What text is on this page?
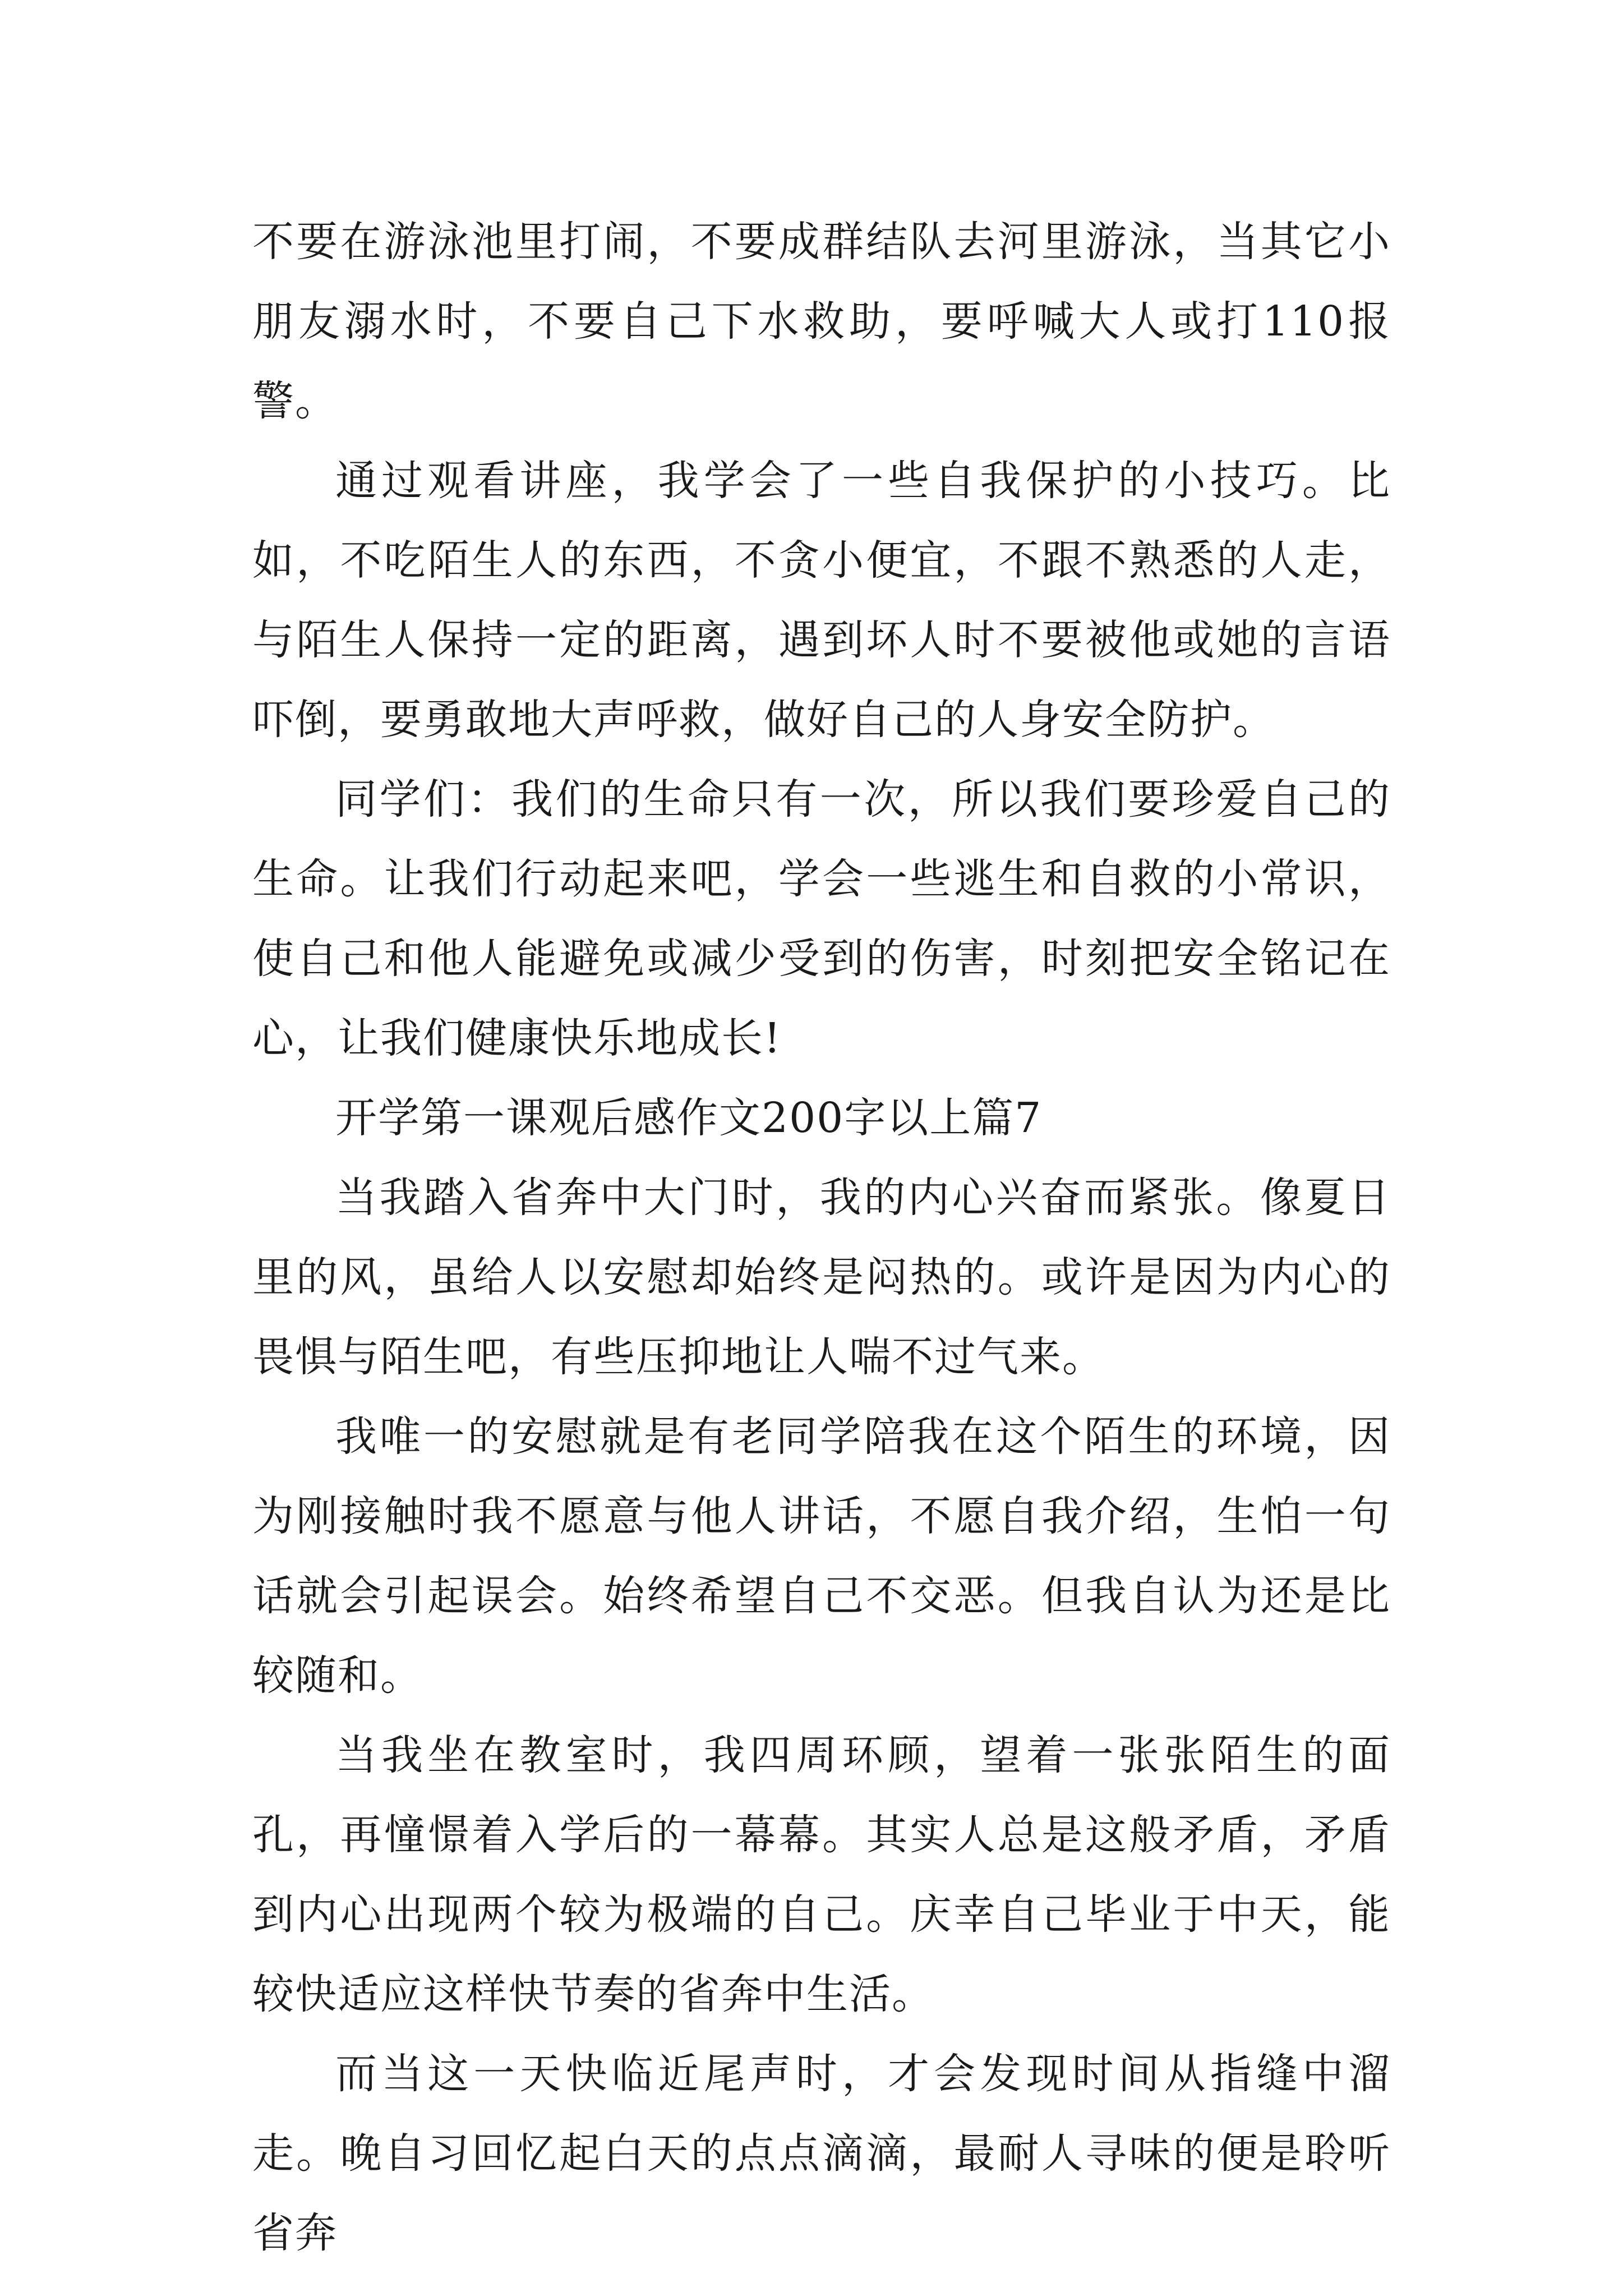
不要在游泳池里打闹，不要成群结队去河里游泳，当其它小朋友溺水时，不要自己下水救助，要呼喊大人或打110报警。

通过观看讲座，我学会了一些自我保护的小技巧。比如，不吃陌生人的东西，不贪小便宜，不跟不熟悉的人走，与陌生人保持一定的距离，遇到坏人时不要被他或她的言语吓倒，要勇敢地大声呼救，做好自己的人身安全防护。

同学们：我们的生命只有一次，所以我们要珍爱自己的生命。让我们行动起来吧，学会一些逃生和自救的小常识，使自己和他人能避免或减少受到的伤害，时刻把安全铭记在心，让我们健康快乐地成长!

开学第一课观后感作文200字以上篇7

当我踏入省奔中大门时，我的内心兴奋而紧张。像夏日里的风，虽给人以安慰却始终是闷热的。或许是因为内心的畏惧与陌生吧，有些压抑地让人喘不过气来。

我唯一的安慰就是有老同学陪我在这个陌生的环境，因为刚接触时我不愿意与他人讲话，不愿自我介绍，生怕一句话就会引起误会。始终希望自己不交恶。但我自认为还是比较随和。

当我坐在教室时，我四周环顾，望着一张张陌生的面孔，再憧憬着入学后的一幕幕。其实人总是这般矛盾，矛盾到内心出现两个较为极端的自己。庆幸自己毕业于中天，能较快适应这样快节奏的省奔中生活。

而当这一天快临近尾声时，才会发现时间从指缝中溜走。晚自习回忆起白天的点点滴滴，最耐人寻味的便是聆听省奔
